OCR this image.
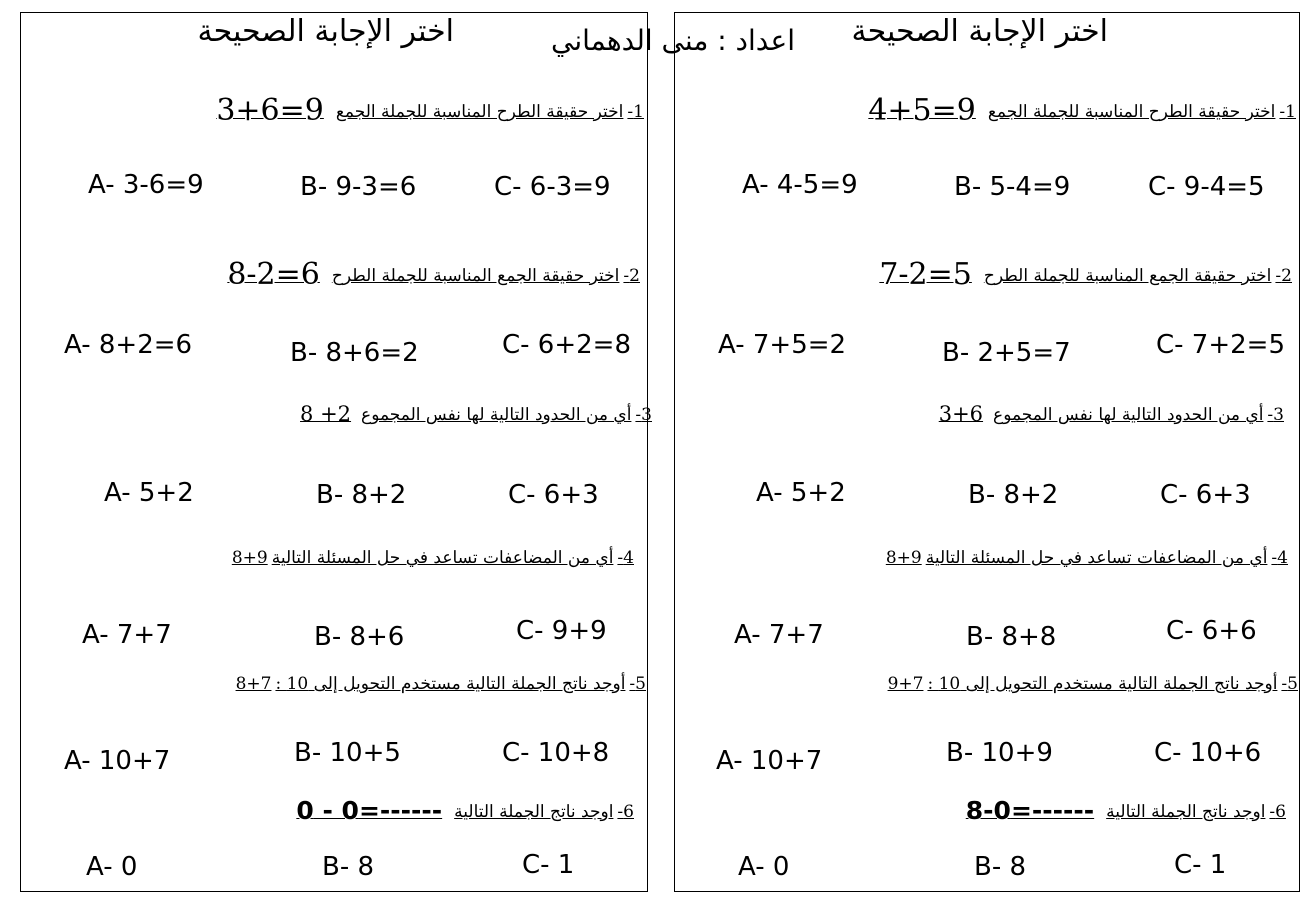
اختر الإجابة الصحيحة	اعداد : منى الدهماني اختر الإجابة الصحيحة
1-اختر حقيقة الطرح المناسبة للجملة الجمع3+6=9
A- 3-6=9	B- 9-3=6	C- 6-3=9
2-اختر حقيقة الجمع المناسبة للجملة الطرح8-2=6
A- 8+2=6	B- 8+6=2	C- 6+2=8
3-أي من الحدود التالية لها نفس المجموع8 +2
A- 5+2	B- 8+2	C- 6+3
4-أي من المضاعفات تساعد في حل المسئلة التالية8+9
A- 7+7	B- 8+6	C- 9+9
5-أوجد ناتج الجملة التالية مستخدم التحويل إلى 10 :8+7
A- 10+7	B- 10+5	C- 10+8
6-اوجد ناتج الجملة التالية------=0 - 0
A- 0	B- 8	C- 1
1-اختر حقيقة الطرح المناسبة للجملة الجمع4+5=9
A- 4-5=9	B- 5-4=9	C- 9-4=5
2-اختر حقيقة الجمع المناسبة للجملة الطرح7-2=5
A- 7+5=2	B- 2+5=7	C- 7+2=5
3-أي من الحدود التالية لها نفس المجموع3+6
A- 5+2	B- 8+2	C- 6+3
4-أي من المضاعفات تساعد في حل المسئلة التالية8+9
A- 7+7	B- 8+8	C- 6+6
5-أوجد ناتج الجملة التالية مستخدم التحويل إلى 10 :9+7
A- 10+7	B- 10+9	C- 10+6
6-اوجد ناتج الجملة التالية------=8-0
A- 0	B- 8	C- 1
